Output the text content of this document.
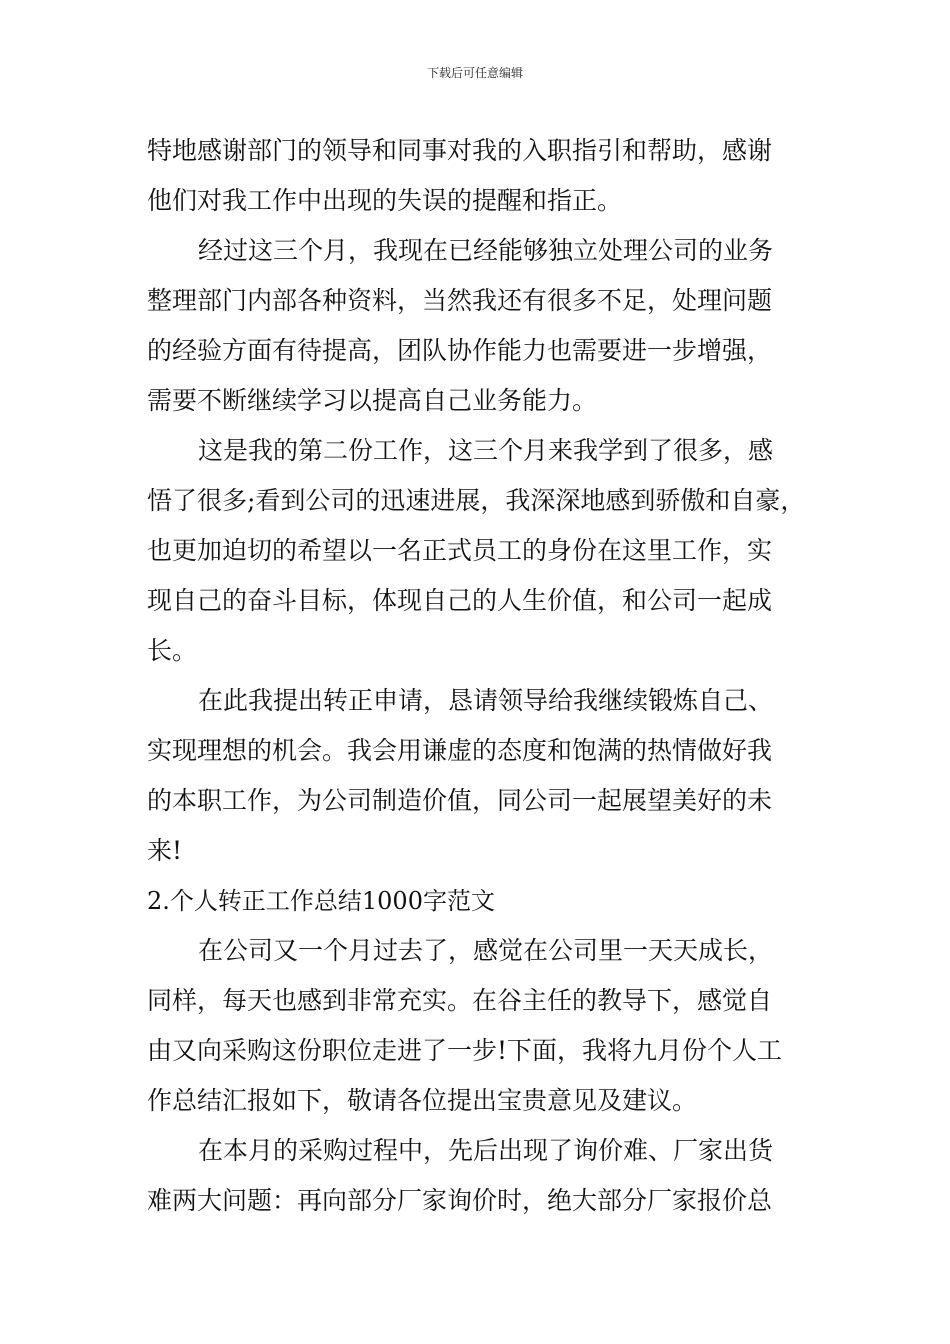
下载后可任意编辑
特地感谢部门的领导和同事对我的入职指引和帮助，感谢
他们对我工作中出现的失误的提醒和指正。
经过这三个月，我现在已经能够独立处理公司的业务
整理部门内部各种资料，当然我还有很多不足，处理问题
的经验方面有待提高，团队协作能力也需要进一步增强，
需要不断继续学习以提高自己业务能力。
这是我的第二份工作，这三个月来我学到了很多，感
悟了很多;看到公司的迅速进展，我深深地感到骄傲和自豪，
也更加迫切的希望以一名正式员工的身份在这里工作，实
现自己的奋斗目标，体现自己的人生价值，和公司一起成
长。
在此我提出转正申请，恳请领导给我继续锻炼自己、
实现理想的机会。我会用谦虚的态度和饱满的热情做好我
的本职工作，为公司制造价值，同公司一起展望美好的未
来!
2.个人转正工作总结1000字范文
在公司又一个月过去了，感觉在公司里一天天成长，
同样，每天也感到非常充实。在谷主任的教导下，感觉自
由又向采购这份职位走进了一步!下面，我将九月份个人工
作总结汇报如下，敬请各位提出宝贵意见及建议。
在本月的采购过程中，先后出现了询价难、厂家出货
难两大问题：再向部分厂家询价时，绝大部分厂家报价总
